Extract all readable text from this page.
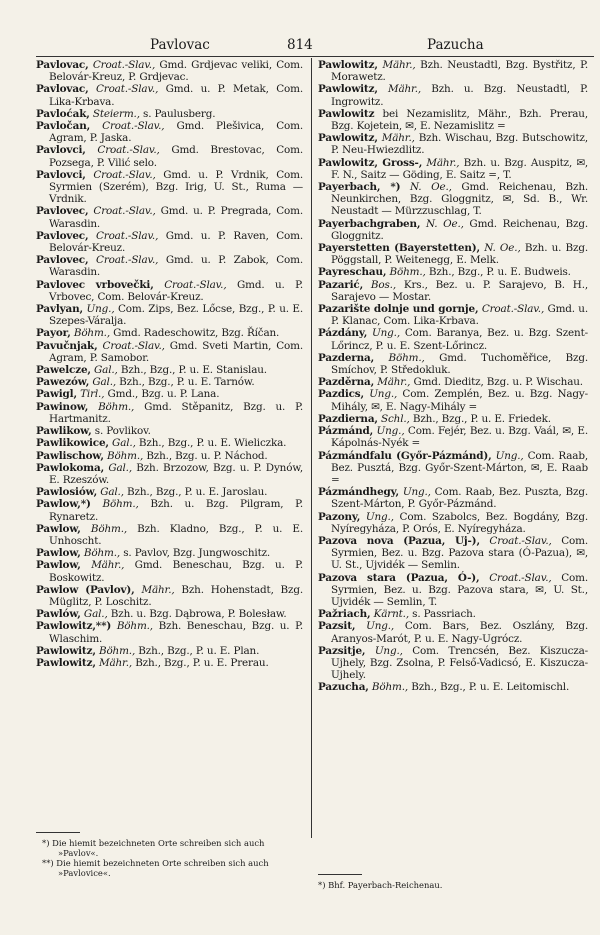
Pavlovac	814	Pazucha

Pavlovac, Croat.-Slav., Gmd. Grdjevac veliki, Com. Belovár-Kreuz, P. Grdjevac.

Pavlovac, Croat.-Slav., Gmd. u. P. Metak, Com. Lika-Krbava.

Pavloćak, Steierm., s. Paulusberg.

Pavločan, Croat.-Slav., Gmd. Plešivica, Com. Agram, P. Jaska.

Pavlovci, Croat.-Slav., Gmd. Brestovac, Com. Pozsega, P. Vilić selo.

Pavlovci, Croat.-Slav., Gmd. u. P. Vrdnik, Com. Syrmien (Szerém), Bzg. Irig, U. St., Ruma — Vrdnik.

Pavlovec, Croat.-Slav., Gmd. u. P. Pregrada, Com. Warasdin.

Pavlovec, Croat.-Slav., Gmd. u. P. Raven, Com. Belovár-Kreuz.

Pavlovec, Croat.-Slav., Gmd. u. P. Zabok, Com. Warasdin.

Pavlovec vrbovečki, Croat.-Slav., Gmd. u. P. Vrbovec, Com. Belovár-Kreuz.

Pavlyan, Ung., Com. Zips, Bez. Lőcse, Bzg., P. u. E. Szepes-Váralja.

Payor, Böhm., Gmd. Radeschowitz, Bzg. Říčan.

Pavučnjak, Croat.-Slav., Gmd. Sveti Martin, Com. Agram, P. Samobor.

Pawelcze, Gal., Bzh., Bzg., P. u. E. Stanislau.

Pawezów, Gal., Bzh., Bzg., P. u. E. Tarnów.

Pawigl, Tirl., Gmd., Bzg. u. P. Lana.

Pawinow, Böhm., Gmd. Stěpanitz, Bzg. u. P. Hartmanitz.

Pawlikow, s. Povlikov.

Pawlikowice, Gal., Bzh., Bzg., P. u. E. Wieliczka.

Pawlischow, Böhm., Bzh., Bzg. u. P. Náchod.

Pawlokoma, Gal., Bzh. Brzozow, Bzg. u. P. Dynów, E. Rzeszów.

Pawlosiów, Gal., Bzh., Bzg., P. u. E. Jaroslau.

Pawlow,*) Böhm., Bzh. u. Bzg. Pilgram, P. Rynaretz.

Pawlow, Böhm., Bzh. Kladno, Bzg., P. u. E. Unhoscht.

Pawlow, Böhm., s. Pavlov, Bzg. Jungwoschitz.

Pawlow, Mähr., Gmd. Beneschau, Bzg. u. P. Boskowitz.

Pawlow (Pavlov), Mähr., Bzh. Hohenstadt, Bzg. Müglitz, P. Loschitz.

Pawlów, Gal., Bzh. u. Bzg. Dąbrowa, P. Bolesław.

Pawlowitz,**) Böhm., Bzh. Beneschau, Bzg. u. P. Wlaschim.

Pawlowitz, Böhm., Bzh., Bzg., P. u. E. Plan.

Pawlowitz, Mähr., Bzh., Bzg., P. u. E. Prerau.

Pawlowitz, Mähr., Bzh. Neustadtl, Bzg. Bystřitz, P. Morawetz.

Pawlowitz, Mähr., Bzh. u. Bzg. Neustadtl, P. Ingrowitz.

Pawlowitz bei Nezamislitz, Mähr., Bzh. Prerau, Bzg. Kojetein, ✉, E. Nezamislitz =

Pawlowitz, Mähr., Bzh. Wischau, Bzg. Butschowitz, P. Neu-Hwiezdlitz.

Pawlowitz, Gross-, Mähr., Bzh. u. Bzg. Auspitz, ✉, F. N., Saitz — Göding, E. Saitz =, T.

Payerbach, *) N. Oe., Gmd. Reichenau, Bzh. Neunkirchen, Bzg. Gloggnitz, ✉, Sd. B., Wr. Neustadt — Mürzzuschlag, T.

Payerbachgraben, N. Oe., Gmd. Reichenau, Bzg. Gloggnitz.

Payerstetten (Bayerstetten), N. Oe., Bzh. u. Bzg. Pöggstall, P. Weitenegg, E. Melk.

Payreschau, Böhm., Bzh., Bzg., P. u. E. Budweis.

Pazarić, Bos., Krs., Bez. u. P. Sarajevo, B. H., Sarajevo — Mostar.

Pazarište dolnje und gornje, Croat.-Slav., Gmd. u. P. Klanac, Com. Lika-Krbava.

Pázdány, Ung., Com. Baranya, Bez. u. Bzg. Szent-Lőrincz, P. u. E. Szent-Lőrincz.

Pazderna, Böhm., Gmd. Tuchoměřice, Bzg. Smíchov, P. Středokluk.

Pazděrna, Mähr., Gmd. Dieditz, Bzg. u. P. Wischau.

Pazdics, Ung., Com. Zemplén, Bez. u. Bzg. Nagy-Mihály, ✉, E. Nagy-Mihály =

Pazdierna, Schl., Bzh., Bzg., P. u. E. Friedek.

Pázmánd, Ung., Com. Fejér, Bez. u. Bzg. Vaál, ✉, E. Kápolnás-Nyék =

Pázmándfalu (Győr-Pázmánd), Ung., Com. Raab, Bez. Pusztá, Bzg. Győr-Szent-Márton, ✉, E. Raab =

Pázmándhegy, Ung., Com. Raab, Bez. Puszta, Bzg. Szent-Márton, P. Győr-Pázmánd.

Pazony, Ung., Com. Szabolcs, Bez. Bogdány, Bzg. Nyíregyháza, P. Orós, E. Nyíregyháza.

Pazova nova (Pazua, Uj-), Croat.-Slav., Com. Syrmien, Bez. u. Bzg. Pazova stara (Ó-Pazua), ✉, U. St., Ujvidék — Semlin.

Pazova stara (Pazua, Ó-), Croat.-Slav., Com. Syrmien, Bez. u. Bzg. Pazova stara, ✉, U. St., Ujvidék — Semlin, T.

Pažriach, Kärnt., s. Passriach.

Pazsit, Ung., Com. Bars, Bez. Oszlány, Bzg. Aranyos-Marót, P. u. E. Nagy-Ugrócz.

Pazsitje, Ung., Com. Trencsén, Bez. Kiszucza-Ujhely, Bzg. Zsolna, P. Felső-Vadicsó, E. Kiszucza-Ujhely.

Pazucha, Böhm., Bzh., Bzg., P. u. E. Leitomischl.

*) Die hiemit bezeichneten Orte schreiben sich auch »Pavlov«.

**) Die hiemit bezeichneten Orte schreiben sich auch »Pavlovice«.

*) Bhf. Payerbach-Reichenau.
